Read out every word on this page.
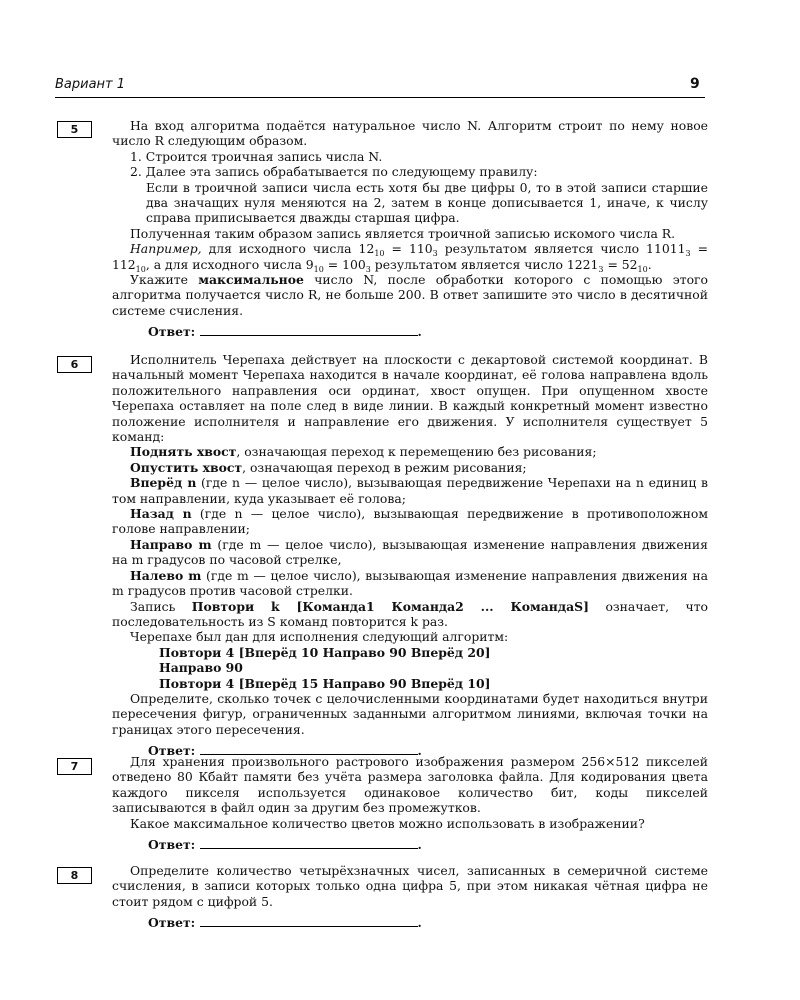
Вариант 1	9
5	На вход алгоритма подаётся натуральное число N. Алгоритм строит по нему новое число R следующим образом.

1. Строится троичная запись числа N.

2. Далее эта запись обрабатывается по следующему правилу:

Если в троичной записи числа есть хотя бы две цифры 0, то в этой записи старшие два значащих нуля меняются на 2, затем в конце дописывается 1, иначе, к числу справа приписывается дважды старшая цифра.

Полученная таким образом запись является троичной записью искомого числа R.

Например, для исходного числа $12_{10} = 110_3$ результатом является число $11011_3 = 112_{10}$, а для исходного числа $9_{10} = 100_3$ результатом является число $1221_3 = 52_{10}$.

Укажите максимальное число N, после обработки которого с помощью этого алгоритма получается число R, не больше 200. В ответ запишите это число в десятичной системе счисления.

Ответ:	.
6	Исполнитель Черепаха действует на плоскости с декартовой системой координат. В начальный момент Черепаха находится в начале координат, её голова направлена вдоль положительного направления оси ординат, хвост опущен. При опущенном хвосте Черепаха оставляет на поле след в виде линии. В каждый конкретный момент известно положение исполнителя и направление его движения. У исполнителя существует 5 команд:

Поднять хвост, означающая переход к перемещению без рисования;

Опустить хвост, означающая переход в режим рисования;

Вперёд n (где n — целое число), вызывающая передвижение Черепахи на n единиц в том направлении, куда указывает её голова;

Назад n (где n — целое число), вызывающая передвижение в противоположном голове направлении;

Направо m (где m — целое число), вызывающая изменение направления движения на m градусов по часовой стрелке,

Налево m (где m — целое число), вызывающая изменение направления движения на m градусов против часовой стрелки.

Запись Повтори k [Команда1 Команда2 ... КомандаS] означает, что последовательность из S команд повторится k раз.

Черепахе был дан для исполнения следующий алгоритм:

Повтори 4 [Вперёд 10 Направо 90 Вперёд 20]

Направо 90

Повтори 4 [Вперёд 15 Направо 90 Вперёд 10]

Определите, сколько точек с целочисленными координатами будет находиться внутри пересечения фигур, ограниченных заданными алгоритмом линиями, включая точки на границах этого пересечения.

Ответ:	.
7	Для хранения произвольного растрового изображения размером 256×512 пикселей отведено 80 Кбайт памяти без учёта размера заголовка файла. Для кодирования цвета каждого пикселя используется одинаковое количество бит, коды пикселей записываются в файл один за другим без промежутков.

Какое максимальное количество цветов можно использовать в изображении?

Ответ:	.
8	Определите количество четырёхзначных чисел, записанных в семеричной системе счисления, в записи которых только одна цифра 5, при этом никакая чётная цифра не стоит рядом с цифрой 5.

Ответ:	.
